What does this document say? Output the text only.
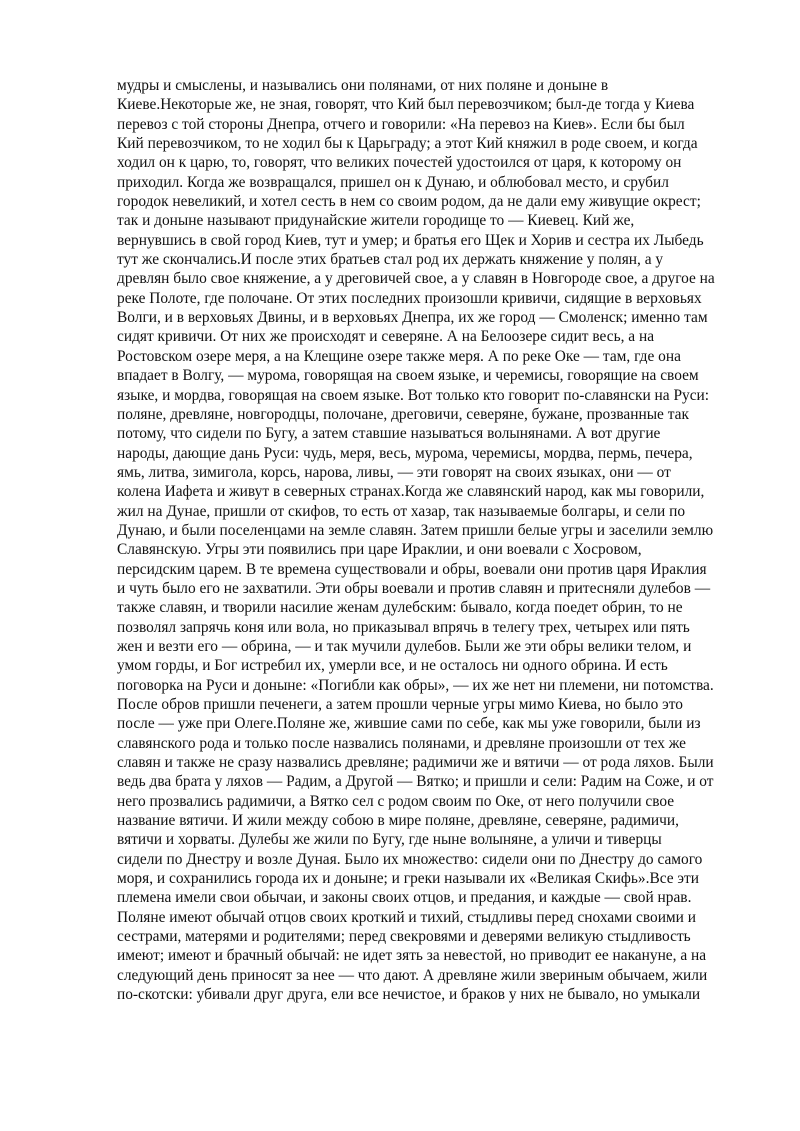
мудры и смыслены, и назывались они полянами, от них поляне и доныне в
Киеве.Некоторые же, не зная, говорят, что Кий был перевозчиком; был-де тогда у Киева
перевоз с той стороны Днепра, отчего и говорили: «На перевоз на Киев». Если бы был
Кий перевозчиком, то не ходил бы к Царьграду; а этот Кий княжил в роде своем, и когда
ходил он к царю, то, говорят, что великих почестей удостоился от царя, к которому он
приходил. Когда же возвращался, пришел он к Дунаю, и облюбовал место, и срубил
городок невеликий, и хотел сесть в нем со своим родом, да не дали ему живущие окрест;
так и доныне называют придунайские жители городище то — Киевец. Кий же,
вернувшись в свой город Киев, тут и умер; и братья его Щек и Хорив и сестра их Лыбедь
тут же скончались.И после этих братьев стал род их держать княжение у полян, а у
древлян было свое княжение, а у дреговичей свое, а у славян в Новгороде свое, а другое на
реке Полоте, где полочане. От этих последних произошли кривичи, сидящие в верховьях
Волги, и в верховьях Двины, и в верховьях Днепра, их же город — Смоленск; именно там
сидят кривичи. От них же происходят и северяне. А на Белоозере сидит весь, а на
Ростовском озере меря, а на Клещине озере также меря. А по реке Оке — там, где она
впадает в Волгу, — мурома, говорящая на своем языке, и черемисы, говорящие на своем
языке, и мордва, говорящая на своем языке. Вот только кто говорит по-славянски на Руси:
поляне, древляне, новгородцы, полочане, дреговичи, северяне, бужане, прозванные так
потому, что сидели по Бугу, а затем ставшие называться волынянами. А вот другие
народы, дающие дань Руси: чудь, меря, весь, мурома, черемисы, мордва, пермь, печера,
ямь, литва, зимигола, корсь, нарова, ливы, — эти говорят на своих языках, они — от
колена Иафета и живут в северных странах.Когда же славянский народ, как мы говорили,
жил на Дунае, пришли от скифов, то есть от хазар, так называемые болгары, и сели по
Дунаю, и были поселенцами на земле славян. Затем пришли белые угры и заселили землю
Славянскую. Угры эти появились при царе Ираклии, и они воевали с Хосровом,
персидским царем. В те времена существовали и обры, воевали они против царя Ираклия
и чуть было его не захватили. Эти обры воевали и против славян и притесняли дулебов —
также славян, и творили насилие женам дулебским: бывало, когда поедет обрин, то не
позволял запрячь коня или вола, но приказывал впрячь в телегу трех, четырех или пять
жен и везти его — обрина, — и так мучили дулебов. Были же эти обры велики телом, и
умом горды, и Бог истребил их, умерли все, и не осталось ни одного обрина. И есть
поговорка на Руси и доныне: «Погибли как обры», — их же нет ни племени, ни потомства.
После обров пришли печенеги, а затем прошли черные угры мимо Киева, но было это
после — уже при Олеге.Поляне же, жившие сами по себе, как мы уже говорили, были из
славянского рода и только после назвались полянами, и древляне произошли от тех же
славян и также не сразу назвались древляне; радимичи же и вятичи — от рода ляхов. Были
ведь два брата у ляхов — Радим, а Другой — Вятко; и пришли и сели: Радим на Соже, и от
него прозвались радимичи, а Вятко сел с родом своим по Оке, от него получили свое
название вятичи. И жили между собою в мире поляне, древляне, северяне, радимичи,
вятичи и хорваты. Дулебы же жили по Бугу, где ныне волыняне, а уличи и тиверцы
сидели по Днестру и возле Дуная. Было их множество: сидели они по Днестру до самого
моря, и сохранились города их и доныне; и греки называли их «Великая Скифь».Все эти
племена имели свои обычаи, и законы своих отцов, и предания, и каждые — свой нрав.
Поляне имеют обычай отцов своих кроткий и тихий, стыдливы перед снохами своими и
сестрами, матерями и родителями; перед свекровями и деверями великую стыдливость
имеют; имеют и брачный обычай: не идет зять за невестой, но приводит ее накануне, а на
следующий день приносят за нее — что дают. А древляне жили звериным обычаем, жили
по-скотски: убивали друг друга, ели все нечистое, и браков у них не бывало, но умыкали
